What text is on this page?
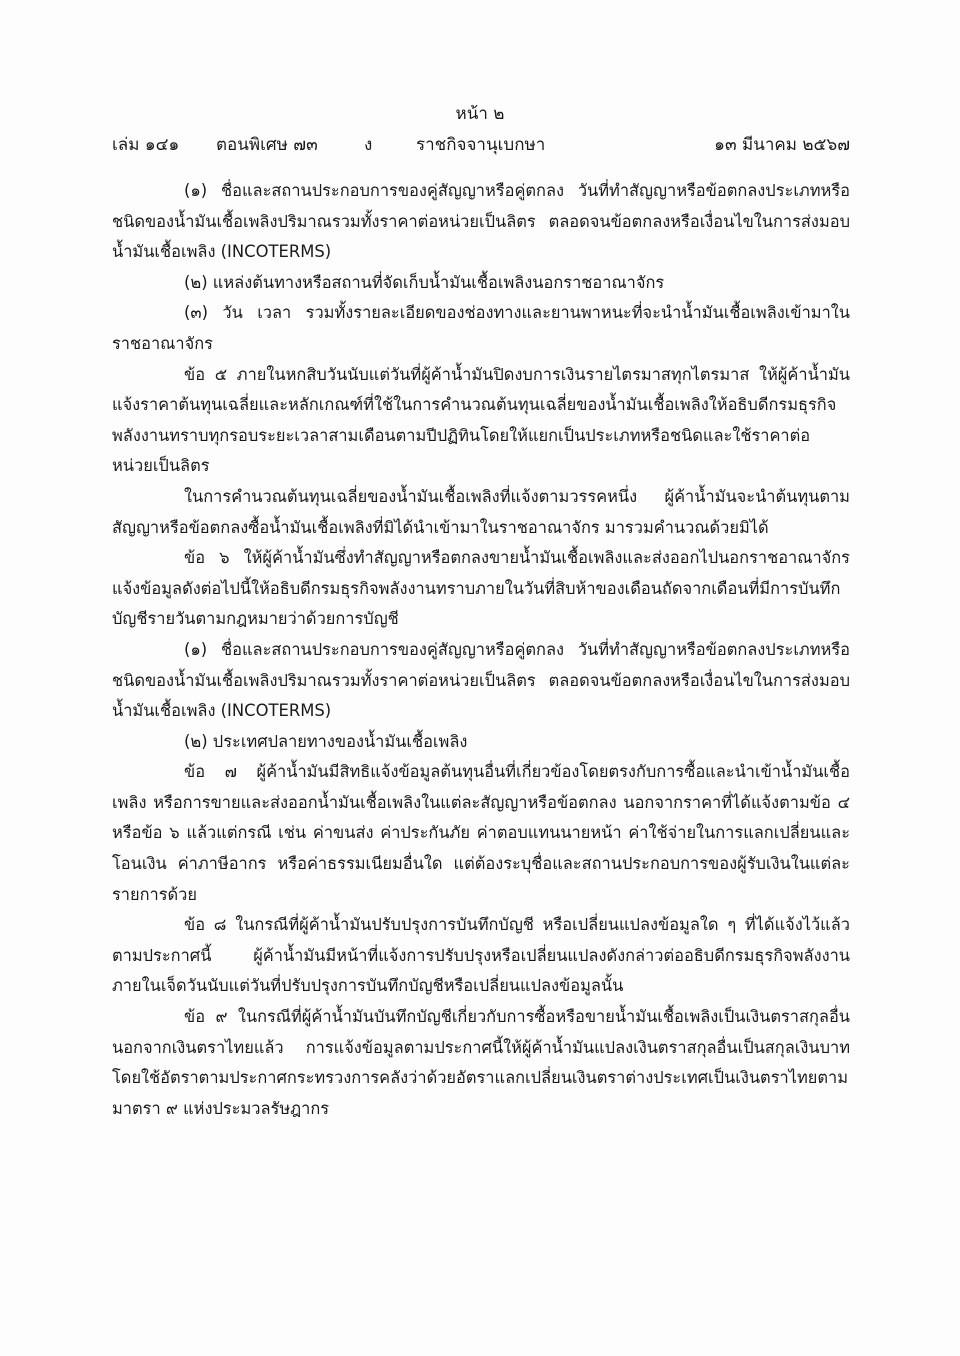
หน้า ๒
เล่ม ๑๔๑ ตอนพิเศษ ๗๓	ง	ราชกิจจานุเบกษา	๑๓ มีนาคม ๒๕๖๗

(๑) ชื่อและสถานประกอบการของคู่สัญญาหรือคู่ตกลง วันที่ทำสัญญาหรือข้อตกลงประเภทหรือชนิดของน้ำมันเชื้อเพลิงปริมาณรวมทั้งราคาต่อหน่วยเป็นลิตร ตลอดจนข้อตกลงหรือเงื่อนไขในการส่งมอบน้ำมันเชื้อเพลิง (INCOTERMS)

(๒) แหล่งต้นทางหรือสถานที่จัดเก็บน้ำมันเชื้อเพลิงนอกราชอาณาจักร

(๓) วัน เวลา รวมทั้งรายละเอียดของช่องทางและยานพาหนะที่จะนำน้ำมันเชื้อเพลิงเข้ามาในราชอาณาจักร

ข้อ ๕ ภายในหกสิบวันนับแต่วันที่ผู้ค้าน้ำมันปิดงบการเงินรายไตรมาสทุกไตรมาส ให้ผู้ค้าน้ำมันแจ้งราคาต้นทุนเฉลี่ยและหลักเกณฑ์ที่ใช้ในการคำนวณต้นทุนเฉลี่ยของน้ำมันเชื้อเพลิงให้อธิบดีกรมธุรกิจพลังงานทราบทุกรอบระยะเวลาสามเดือนตามปีปฏิทินโดยให้แยกเป็นประเภทหรือชนิดและใช้ราคาต่อหน่วยเป็นลิตร

ในการคำนวณต้นทุนเฉลี่ยของน้ำมันเชื้อเพลิงที่แจ้งตามวรรคหนึ่ง ผู้ค้าน้ำมันจะนำต้นทุนตามสัญญาหรือข้อตกลงซื้อน้ำมันเชื้อเพลิงที่มิได้นำเข้ามาในราชอาณาจักร มารวมคำนวณด้วยมิได้

ข้อ ๖ ให้ผู้ค้าน้ำมันซึ่งทำสัญญาหรือตกลงขายน้ำมันเชื้อเพลิงและส่งออกไปนอกราชอาณาจักร แจ้งข้อมูลดังต่อไปนี้ให้อธิบดีกรมธุรกิจพลังงานทราบภายในวันที่สิบห้าของเดือนถัดจากเดือนที่มีการบันทึกบัญชีรายวันตามกฎหมายว่าด้วยการบัญชี

(๑) ชื่อและสถานประกอบการของคู่สัญญาหรือคู่ตกลง วันที่ทำสัญญาหรือข้อตกลงประเภทหรือชนิดของน้ำมันเชื้อเพลิงปริมาณรวมทั้งราคาต่อหน่วยเป็นลิตร ตลอดจนข้อตกลงหรือเงื่อนไขในการส่งมอบน้ำมันเชื้อเพลิง (INCOTERMS)

(๒) ประเทศปลายทางของน้ำมันเชื้อเพลิง

ข้อ ๗ ผู้ค้าน้ำมันมีสิทธิแจ้งข้อมูลต้นทุนอื่นที่เกี่ยวข้องโดยตรงกับการซื้อและนำเข้าน้ำมันเชื้อเพลิง หรือการขายและส่งออกน้ำมันเชื้อเพลิงในแต่ละสัญญาหรือข้อตกลง นอกจากราคาที่ได้แจ้งตามข้อ ๔ หรือข้อ ๖ แล้วแต่กรณี เช่น ค่าขนส่ง ค่าประกันภัย ค่าตอบแทนนายหน้า ค่าใช้จ่ายในการแลกเปลี่ยนและโอนเงิน ค่าภาษีอากร หรือค่าธรรมเนียมอื่นใด แต่ต้องระบุชื่อและสถานประกอบการของผู้รับเงินในแต่ละรายการด้วย

ข้อ ๘ ในกรณีที่ผู้ค้าน้ำมันปรับปรุงการบันทึกบัญชี หรือเปลี่ยนแปลงข้อมูลใด ๆ ที่ได้แจ้งไว้แล้วตามประกาศนี้ ผู้ค้าน้ำมันมีหน้าที่แจ้งการปรับปรุงหรือเปลี่ยนแปลงดังกล่าวต่ออธิบดีกรมธุรกิจพลังงานภายในเจ็ดวันนับแต่วันที่ปรับปรุงการบันทึกบัญชีหรือเปลี่ยนแปลงข้อมูลนั้น

ข้อ ๙ ในกรณีที่ผู้ค้าน้ำมันบันทึกบัญชีเกี่ยวกับการซื้อหรือขายน้ำมันเชื้อเพลิงเป็นเงินตราสกุลอื่นนอกจากเงินตราไทยแล้ว การแจ้งข้อมูลตามประกาศนี้ให้ผู้ค้าน้ำมันแปลงเงินตราสกุลอื่นเป็นสกุลเงินบาทโดยใช้อัตราตามประกาศกระทรวงการคลังว่าด้วยอัตราแลกเปลี่ยนเงินตราต่างประเทศเป็นเงินตราไทยตามมาตรา ๙ แห่งประมวลรัษฎากร
